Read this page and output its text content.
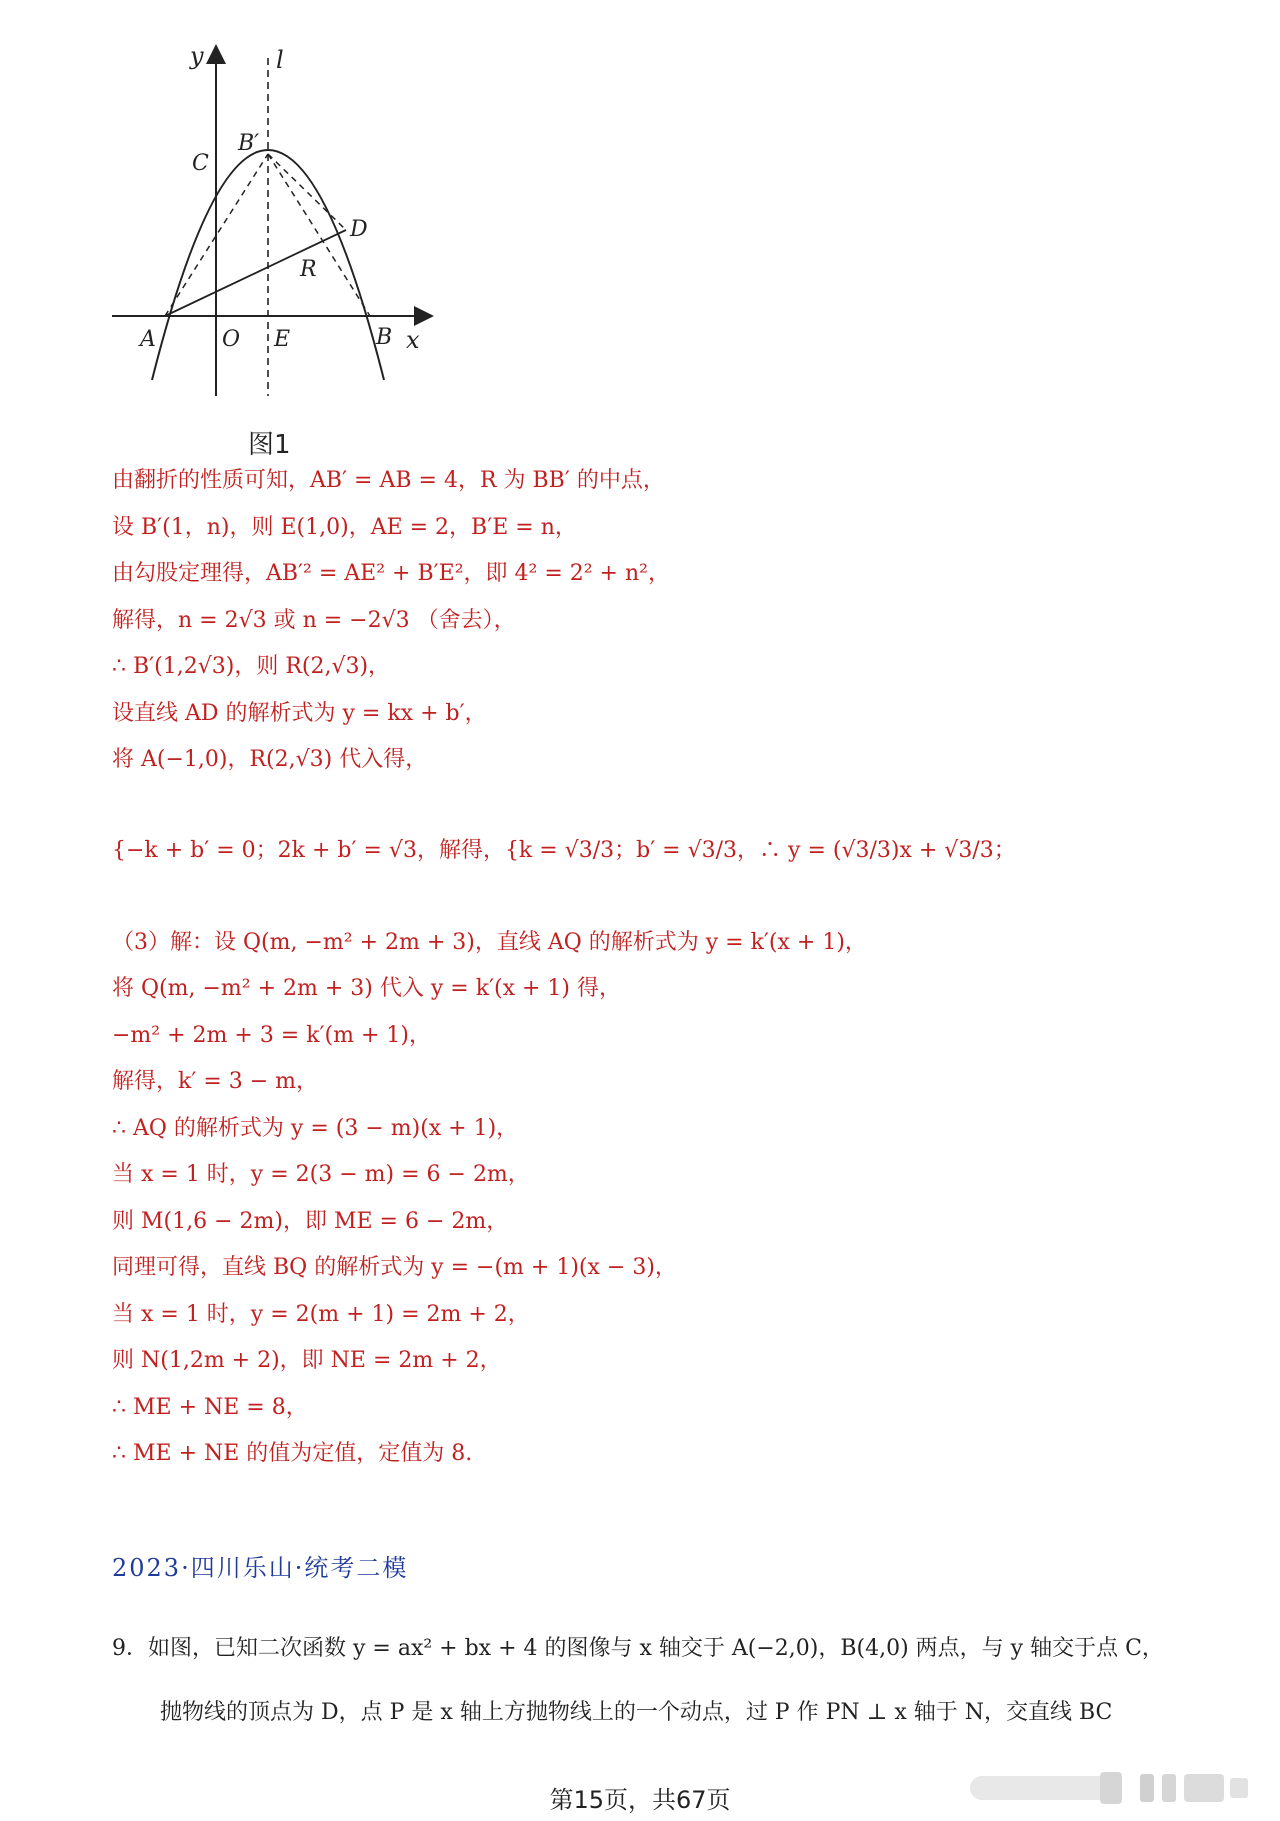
y	l
B′
C
D
R
A	O E	B x
图1
由翻折的性质可知，AB′ = AB = 4，R 为 BB′ 的中点，
设 B′(1，n)，则 E(1,0)，AE = 2，B′E = n，
由勾股定理得，AB′² = AE² + B′E²，即 4² = 2² + n²，
解得，n = 2√3 或 n = −2√3 （舍去），
∴ B′(1,2√3)，则 R(2,√3)，
设直线 AD 的解析式为 y = kx + b′，
将 A(−1,0)，R(2,√3) 代入得，
{−k + b′ = 0；2k + b′ = √3，解得，{k = √3/3；b′ = √3/3，∴ y = (√3/3)x + √3/3；
（3）解：设 Q(m, −m² + 2m + 3)，直线 AQ 的解析式为 y = k′(x + 1)，
将 Q(m, −m² + 2m + 3) 代入 y = k′(x + 1) 得，
−m² + 2m + 3 = k′(m + 1)，
解得，k′ = 3 − m，
∴ AQ 的解析式为 y = (3 − m)(x + 1)，
当 x = 1 时，y = 2(3 − m) = 6 − 2m，
则 M(1,6 − 2m)，即 ME = 6 − 2m，
同理可得，直线 BQ 的解析式为 y = −(m + 1)(x − 3)，
当 x = 1 时，y = 2(m + 1) = 2m + 2，
则 N(1,2m + 2)，即 NE = 2m + 2，
∴ ME + NE = 8，
∴ ME + NE 的值为定值，定值为 8.
2023·四川乐山·统考二模
9．如图，已知二次函数 y = ax² + bx + 4 的图像与 x 轴交于 A(−2,0)，B(4,0) 两点，与 y 轴交于点 C，
抛物线的顶点为 D，点 P 是 x 轴上方抛物线上的一个动点，过 P 作 PN ⊥ x 轴于 N，交直线 BC
第15页，共67页
